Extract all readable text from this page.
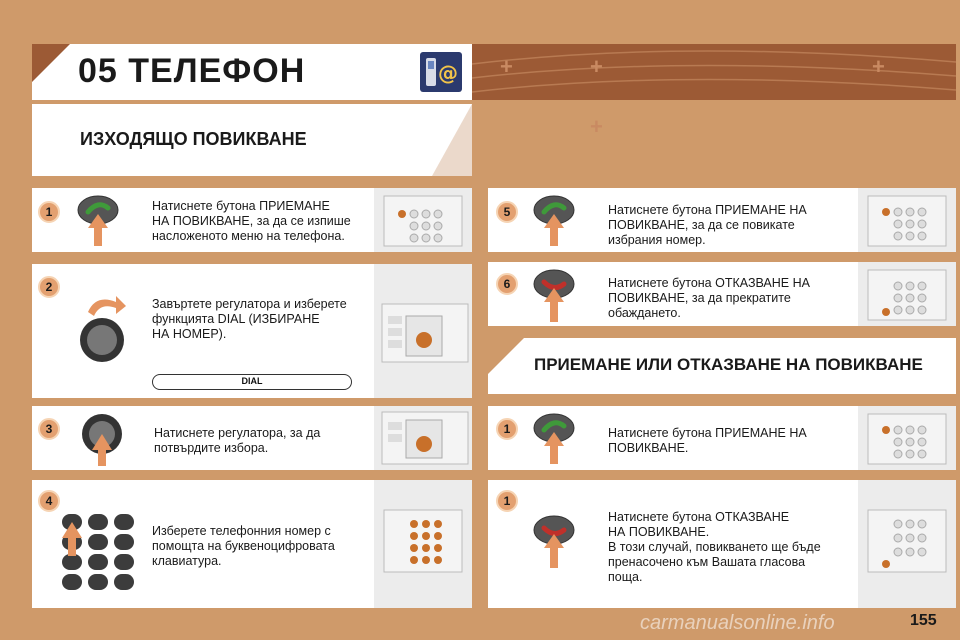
05 ТЕЛЕФОН	@ +	+	+
ИЗХОДЯЩО ПОВИКВАНЕ	+
1	Натиснете бутона ПРИЕМАНЕ
НА ПОВИКВАНЕ, за да се изпише
насложеното меню на телефона.
2
Завъртете регулатора и изберете
функцията DIAL (ИЗБИРАНЕ
НА НОМЕР).
DIAL
3	Натиснете регулатора, за да
потвърдите избора.
4
Изберете телефонния номер с
помощта на буквеноцифровата
клавиатура.
5	Натиснете бутона ПРИЕМАНЕ НА
ПОВИКВАНЕ, за да се повикате
избрания номер.
6	Натиснете бутона ОТКАЗВАНЕ НА
ПОВИКВАНЕ, за да прекратите
обаждането.
ПРИЕМАНЕ ИЛИ ОТКАЗВАНЕ НА ПОВИКВАНЕ
1	Натиснете бутона ПРИЕМАНЕ НА
ПОВИКВАНЕ.
1
Натиснете бутона ОТКАЗВАНЕ
НА ПОВИКВАНЕ.
В този случай, повикването ще бъде
пренасочено към Вашата гласова
поща.
carmanualsonline.info	155
